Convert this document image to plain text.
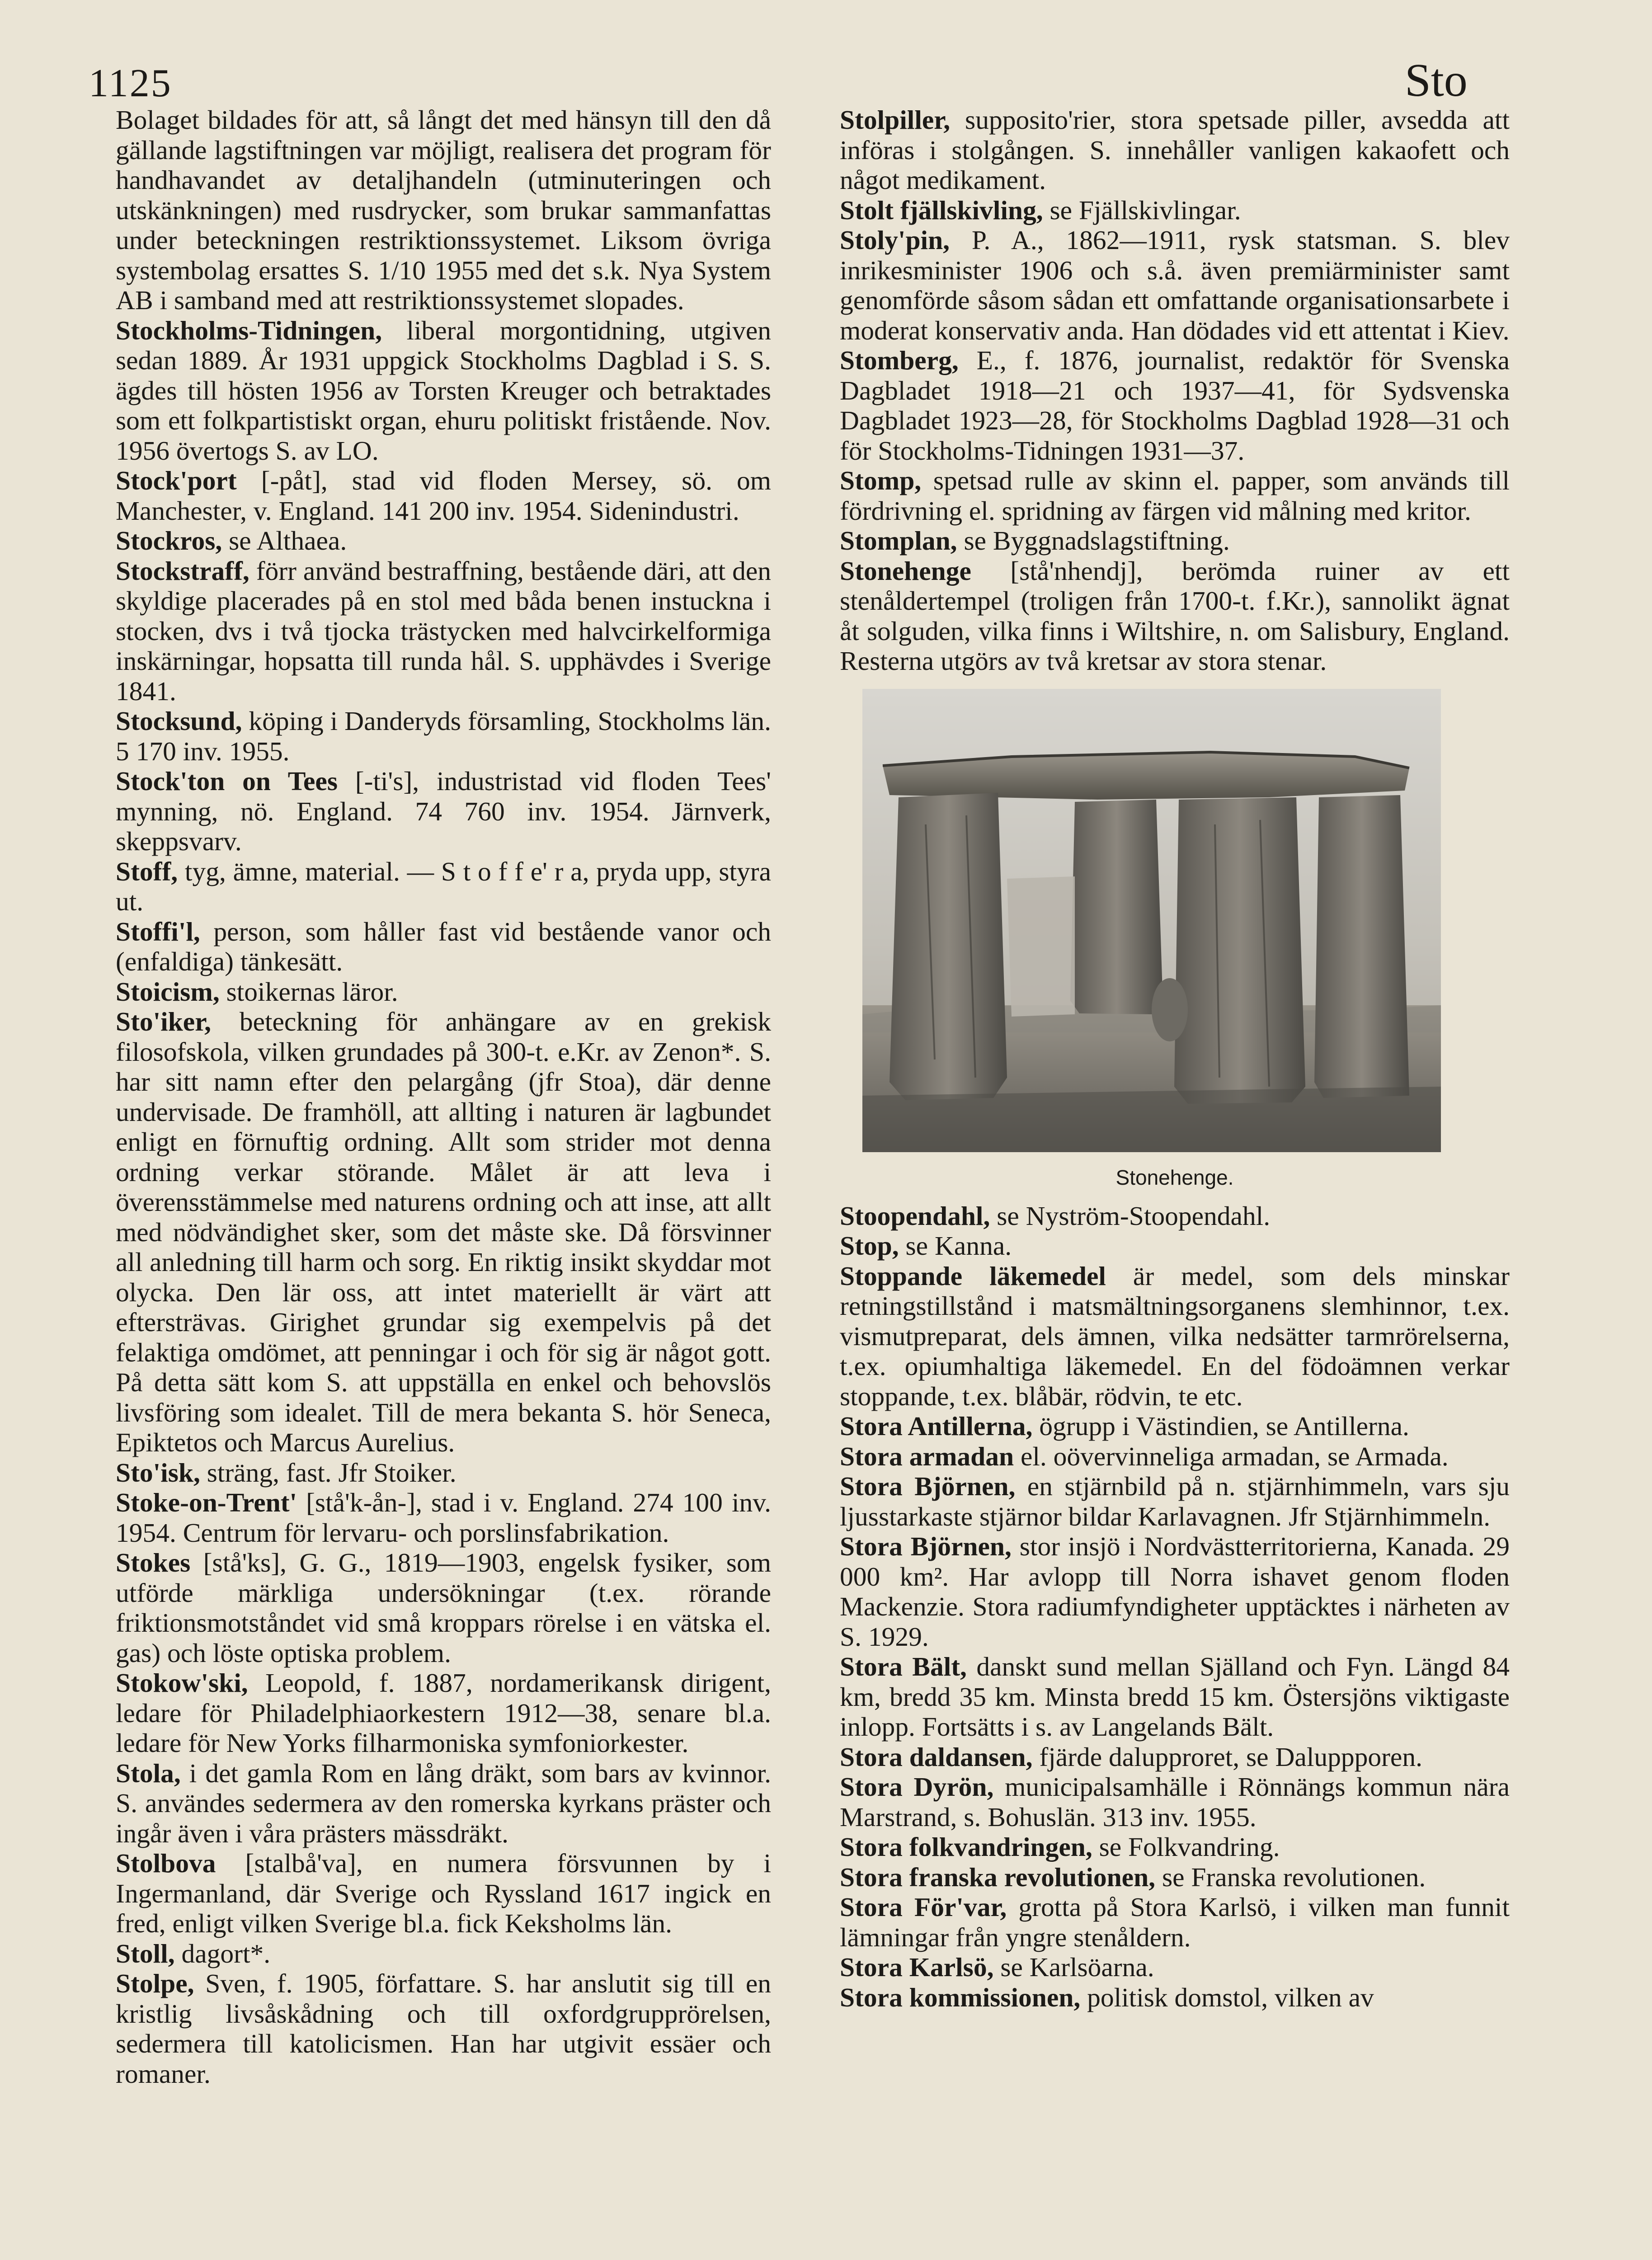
1125	Sto

Bolaget bildades för att, så långt det med hänsyn till den då gällande lagstiftningen var möjligt, realisera det program för handhavandet av detaljhandeln (utminuteringen och utskänkningen) med rusdrycker, som brukar sammanfattas under beteckningen restriktionssystemet. Liksom övriga systembolag ersattes S. 1/10 1955 med det s.k. Nya System AB i samband med att restriktionssystemet slopades.

Stockholms-Tidningen, liberal morgontidning, utgiven sedan 1889. År 1931 uppgick Stockholms Dagblad i S. S. ägdes till hösten 1956 av Torsten Kreuger och betraktades som ett folkpartistiskt organ, ehuru politiskt fristående. Nov. 1956 övertogs S. av LO.

Stock'port [-påt], stad vid floden Mersey, sö. om Manchester, v. England. 141 200 inv. 1954. Sidenindustri.

Stockros, se Althaea.

Stockstraff, förr använd bestraffning, bestående däri, att den skyldige placerades på en stol med båda benen instuckna i stocken, dvs i två tjocka trästycken med halvcirkelformiga inskärningar, hopsatta till runda hål. S. upphävdes i Sverige 1841.

Stocksund, köping i Danderyds församling, Stockholms län. 5 170 inv. 1955.

Stock'ton on Tees [-ti's], industristad vid floden Tees' mynning, nö. England. 74 760 inv. 1954. Järnverk, skeppsvarv.

Stoff, tyg, ämne, material. — S t o f f e' r a, pryda upp, styra ut.

Stoffi'l, person, som håller fast vid bestående vanor och (enfaldiga) tänkesätt.

Stoicism, stoikernas läror.

Sto'iker, beteckning för anhängare av en grekisk filosofskola, vilken grundades på 300-t. e.Kr. av Zenon*. S. har sitt namn efter den pelargång (jfr Stoa), där denne undervisade. De framhöll, att allting i naturen är lagbundet enligt en förnuftig ordning. Allt som strider mot denna ordning verkar störande. Målet är att leva i överensstämmelse med naturens ordning och att inse, att allt med nödvändighet sker, som det måste ske. Då försvinner all anledning till harm och sorg. En riktig insikt skyddar mot olycka. Den lär oss, att intet materiellt är värt att eftersträvas. Girighet grundar sig exempelvis på det felaktiga omdömet, att penningar i och för sig är något gott. På detta sätt kom S. att uppställa en enkel och behovslös livsföring som idealet. Till de mera bekanta S. hör Seneca, Epiktetos och Marcus Aurelius.

Sto'isk, sträng, fast. Jfr Stoiker.

Stoke-on-Trent' [stå'k-ån-], stad i v. England. 274 100 inv. 1954. Centrum för lervaru- och porslinsfabrikation.

Stokes [stå'ks], G. G., 1819—1903, engelsk fysiker, som utförde märkliga undersökningar (t.ex. rörande friktionsmotståndet vid små kroppars rörelse i en vätska el. gas) och löste optiska problem.

Stokow'ski, Leopold, f. 1887, nordamerikansk dirigent, ledare för Philadelphiaorkestern 1912—38, senare bl.a. ledare för New Yorks filharmoniska symfoniorkester.

Stola, i det gamla Rom en lång dräkt, som bars av kvinnor. S. användes sedermera av den romerska kyrkans präster och ingår även i våra prästers mässdräkt.

Stolbova [stalbå'va], en numera försvunnen by i Ingermanland, där Sverige och Ryssland 1617 ingick en fred, enligt vilken Sverige bl.a. fick Keksholms län.

Stoll, dagort*.

Stolpe, Sven, f. 1905, författare. S. har anslutit sig till en kristlig livsåskådning och till oxfordgrupprörelsen, sedermera till katolicismen. Han har utgivit essäer och romaner.

Stolpiller, supposito'rier, stora spetsade piller, avsedda att införas i stolgången. S. innehåller vanligen kakaofett och något medikament.

Stolt fjällskivling, se Fjällskivlingar.

Stoly'pin, P. A., 1862—1911, rysk statsman. S. blev inrikesminister 1906 och s.å. även premiärminister samt genomförde såsom sådan ett omfattande organisationsarbete i moderat konservativ anda. Han dödades vid ett attentat i Kiev.

Stomberg, E., f. 1876, journalist, redaktör för Svenska Dagbladet 1918—21 och 1937—41, för Sydsvenska Dagbladet 1923—28, för Stockholms Dagblad 1928—31 och för Stockholms-Tidningen 1931—37.

Stomp, spetsad rulle av skinn el. papper, som används till fördrivning el. spridning av färgen vid målning med kritor.

Stomplan, se Byggnadslagstiftning.

Stonehenge [stå'nhendj], berömda ruiner av ett stenåldertempel (troligen från 1700-t. f.Kr.), sannolikt ägnat åt solguden, vilka finns i Wiltshire, n. om Salisbury, England. Resterna utgörs av två kretsar av stora stenar.

Stonehenge.

Stoopendahl, se Nyström-Stoopendahl.

Stop, se Kanna.

Stoppande läkemedel är medel, som dels minskar retningstillstånd i matsmältningsorganens slemhinnor, t.ex. vismutpreparat, dels ämnen, vilka nedsätter tarmrörelserna, t.ex. opiumhaltiga läkemedel. En del födoämnen verkar stoppande, t.ex. blåbär, rödvin, te etc.

Stora Antillerna, ögrupp i Västindien, se Antillerna.

Stora armadan el. oövervinneliga armadan, se Armada.

Stora Björnen, en stjärnbild på n. stjärnhimmeln, vars sju ljusstarkaste stjärnor bildar Karlavagnen. Jfr Stjärnhimmeln.

Stora Björnen, stor insjö i Nordvästterritorierna, Kanada. 29 000 km². Har avlopp till Norra ishavet genom floden Mackenzie. Stora radiumfyndigheter upptäcktes i närheten av S. 1929.

Stora Bält, danskt sund mellan Själland och Fyn. Längd 84 km, bredd 35 km. Minsta bredd 15 km. Östersjöns viktigaste inlopp. Fortsätts i s. av Langelands Bält.

Stora daldansen, fjärde dalupproret, se Daluppроren.

Stora Dyrön, municipalsamhälle i Rönnängs kommun nära Marstrand, s. Bohuslän. 313 inv. 1955.

Stora folkvandringen, se Folkvandring.

Stora franska revolutionen, se Franska revolutionen.

Stora För'var, grotta på Stora Karlsö, i vilken man funnit lämningar från yngre stenåldern.

Stora Karlsö, se Karlsöarna.

Stora kommissionen, politisk domstol, vilken av
